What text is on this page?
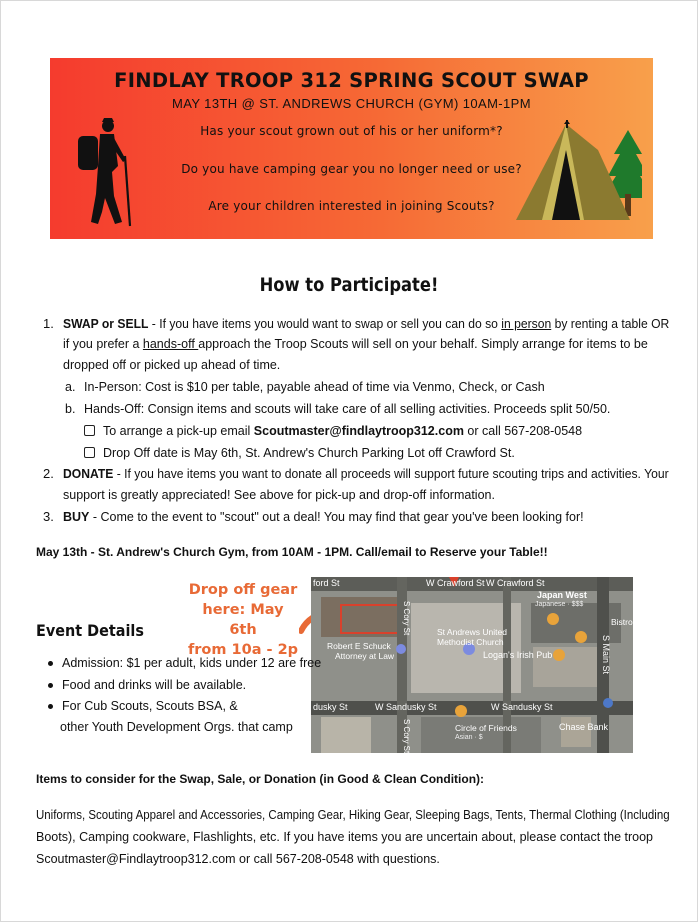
FINDLAY TROOP 312 SPRING SCOUT SWAP
MAY 13TH @ ST. ANDREWS CHURCH (GYM) 10AM-1PM
Has your scout grown out of his or her uniform*?
Do you have camping gear you no longer need or use?
Are your children interested in joining Scouts?
How to Participate!
1. SWAP or SELL - If you have items you would want to swap or sell you can do so in person by renting a table OR
if you prefer a hands-off approach the Troop Scouts will sell on your behalf. Simply arrange for items to be
dropped off or picked up ahead of time.
a. In-Person: Cost is $10 per table, payable ahead of time via Venmo, Check, or Cash
b. Hands-Off: Consign items and scouts will take care of all selling activities. Proceeds split 50/50.
To arrange a pick-up email Scoutmaster@findlaytroop312.com or call 567-208-0548
Drop Off date is May 6th, St. Andrew's Church Parking Lot off Crawford St.
2. DONATE - If you have items you want to donate all proceeds will support future scouting trips and activities. Your
support is greatly appreciated! See above for pick-up and drop-off information.
3. BUY - Come to the event to "scout" out a deal! You may find that gear you've been looking for!
May 13th - St. Andrew's Church Gym, from 10AM - 1PM. Call/email to Reserve your Table!!
Drop off gear
here: May 6th
from 10a - 2p
ford St	W Crawford St W Crawford St
dusky St	W Sandusky St	W Sandusky St
Japan West
Japanese · $$$
St Andrews United
Methodist Church
Logan's Irish Pub
Robert E Schuck
Attorney at Law
Chase Bank
Circle of Friends
Asian · $
Bistro
S Main St
S Cory St
S Cory St
Event Details
Admission: $1 per adult, kids under 12 are free
Food and drinks will be available.
For Cub Scouts, Scouts BSA, &
other Youth Development Orgs. that camp
Items to consider for the Swap, Sale, or Donation (in Good & Clean Condition):
Uniforms, Scouting Apparel and Accessories, Camping Gear, Hiking Gear, Sleeping Bags, Tents, Thermal Clothing (Including
Boots), Camping cookware, Flashlights, etc. If you have items you are uncertain about, please contact the troop
Scoutmaster@Findlaytroop312.com or call 567-208-0548 with questions.
